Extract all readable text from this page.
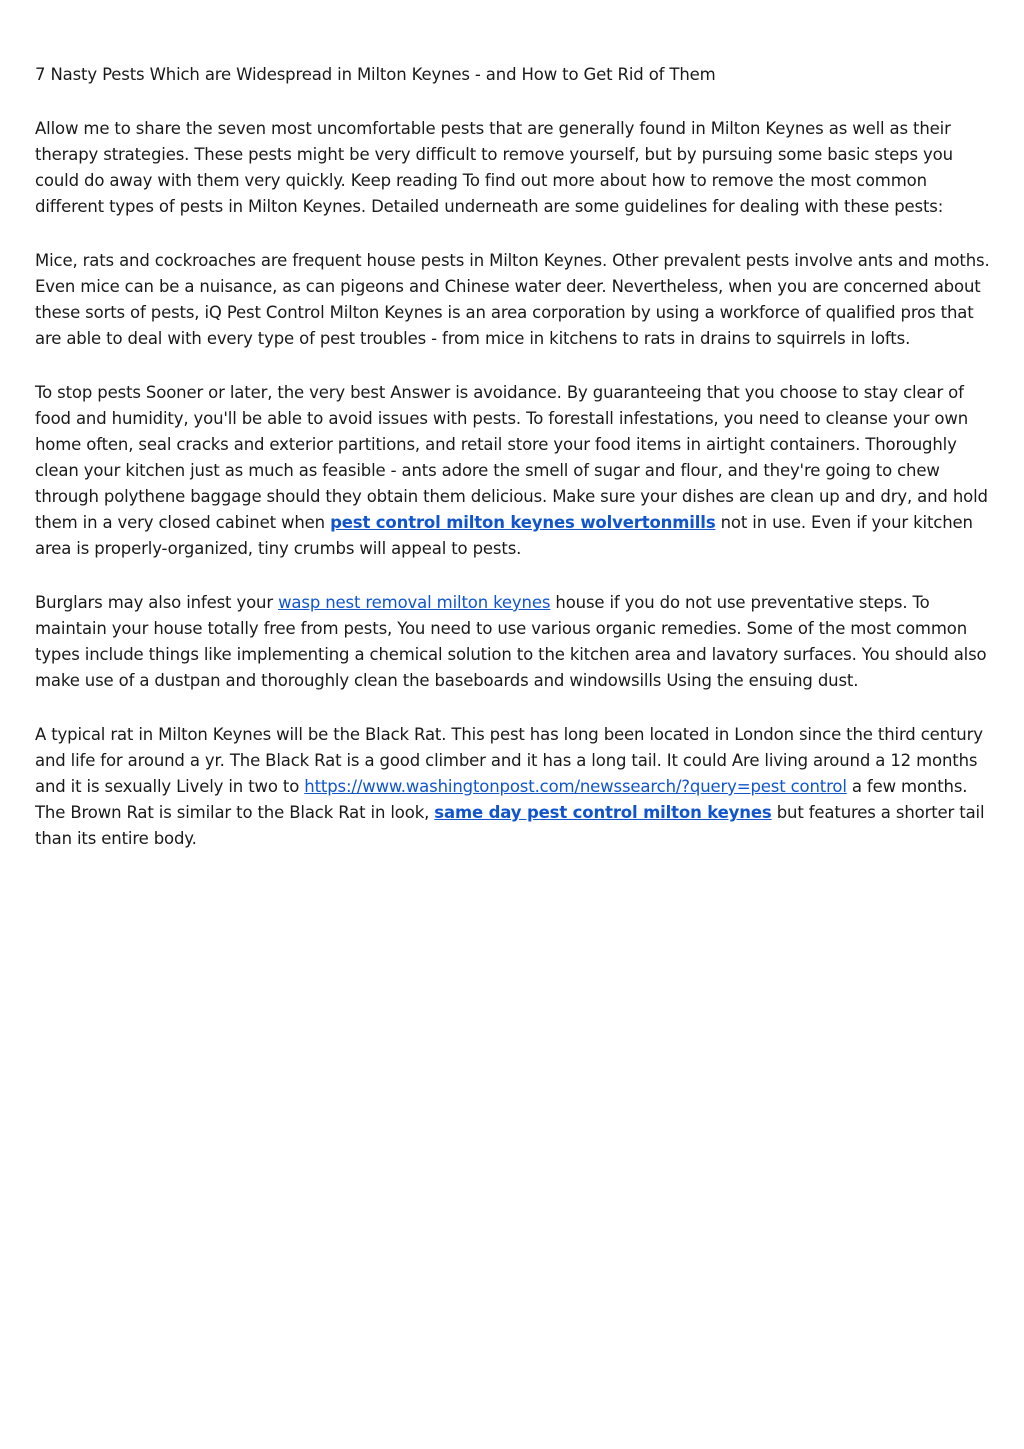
7 Nasty Pests Which are Widespread in Milton Keynes - and How to Get Rid of Them

Allow me to share the seven most uncomfortable pests that are generally found in Milton Keynes as well as their therapy strategies. These pests might be very difficult to remove yourself, but by pursuing some basic steps you could do away with them very quickly. Keep reading To find out more about how to remove the most common different types of pests in Milton Keynes. Detailed underneath are some guidelines for dealing with these pests:

Mice, rats and cockroaches are frequent house pests in Milton Keynes. Other prevalent pests involve ants and moths. Even mice can be a nuisance, as can pigeons and Chinese water deer. Nevertheless, when you are concerned about these sorts of pests, iQ Pest Control Milton Keynes is an area corporation by using a workforce of qualified pros that are able to deal with every type of pest troubles - from mice in kitchens to rats in drains to squirrels in lofts.

To stop pests Sooner or later, the very best Answer is avoidance. By guaranteeing that you choose to stay clear of food and humidity, you'll be able to avoid issues with pests. To forestall infestations, you need to cleanse your own home often, seal cracks and exterior partitions, and retail store your food items in airtight containers. Thoroughly clean your kitchen just as much as feasible - ants adore the smell of sugar and flour, and they're going to chew through polythene baggage should they obtain them delicious. Make sure your dishes are clean up and dry, and hold them in a very closed cabinet when pest control milton keynes wolvertonmills not in use. Even if your kitchen area is properly-organized, tiny crumbs will appeal to pests.

Burglars may also infest your wasp nest removal milton keynes house if you do not use preventative steps. To maintain your house totally free from pests, You need to use various organic remedies. Some of the most common types include things like implementing a chemical solution to the kitchen area and lavatory surfaces. You should also make use of a dustpan and thoroughly clean the baseboards and windowsills Using the ensuing dust.

A typical rat in Milton Keynes will be the Black Rat. This pest has long been located in London since the third century and life for around a yr. The Black Rat is a good climber and it has a long tail. It could Are living around a 12 months and it is sexually Lively in two to https://www.washingtonpost.com/newssearch/?query=pest control a few months. The Brown Rat is similar to the Black Rat in look, same day pest control milton keynes but features a shorter tail than its entire body.
